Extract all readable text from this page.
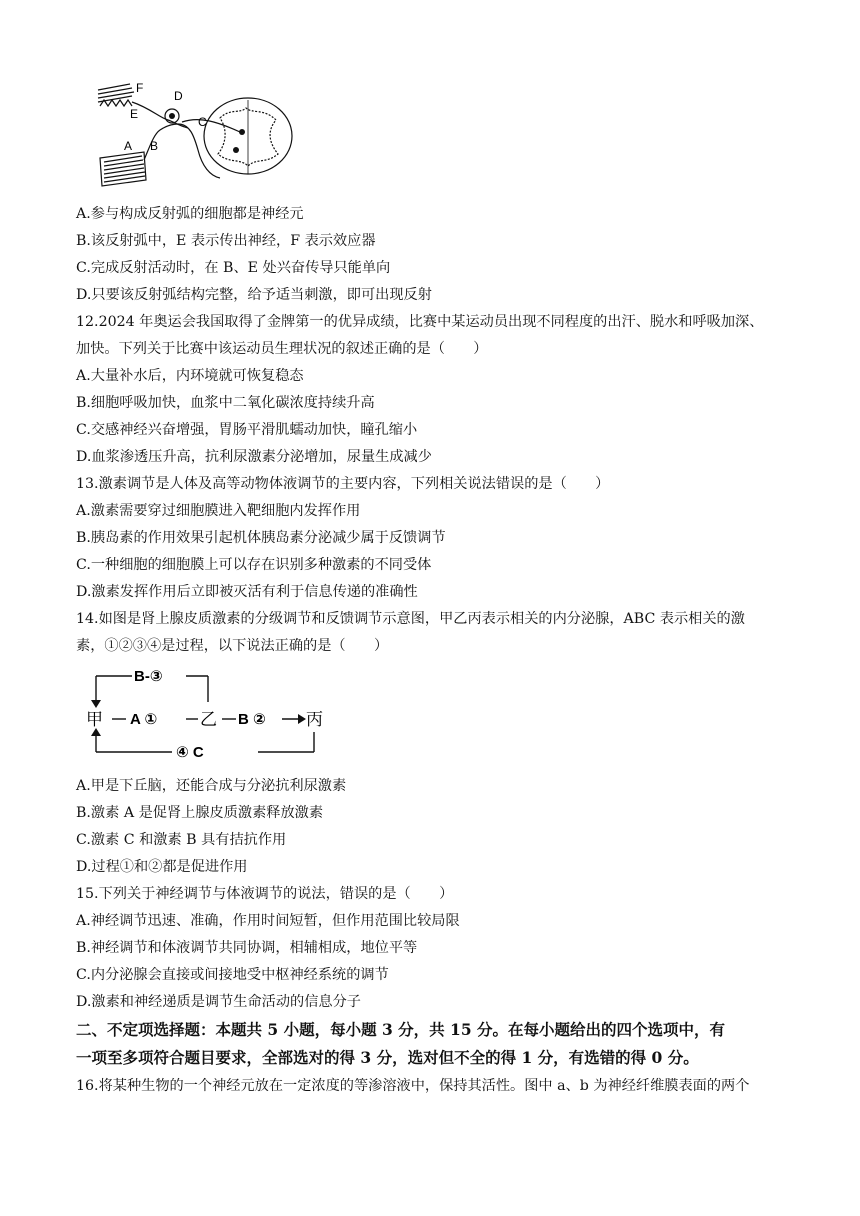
F
D
E
C
A B
A.参与构成反射弧的细胞都是神经元
B.该反射弧中，E 表示传出神经，F 表示效应器
C.完成反射活动时，在 B、E 处兴奋传导只能单向
D.只要该反射弧结构完整，给予适当刺激，即可出现反射
12.2024 年奥运会我国取得了金牌第一的优异成绩，比赛中某运动员出现不同程度的出汗、脱水和呼吸加深、
加快。下列关于比赛中该运动员生理状况的叙述正确的是（　　）
A.大量补水后，内环境就可恢复稳态
B.细胞呼吸加快，血浆中二氧化碳浓度持续升高
C.交感神经兴奋增强，胃肠平滑肌蠕动加快，瞳孔缩小
D.血浆渗透压升高，抗利尿激素分泌增加，尿量生成减少
13.激素调节是人体及高等动物体液调节的主要内容，下列相关说法错误的是（　　）
A.激素需要穿过细胞膜进入靶细胞内发挥作用
B.胰岛素的作用效果引起机体胰岛素分泌减少属于反馈调节
C.一种细胞的细胞膜上可以存在识别多种激素的不同受体
D.激素发挥作用后立即被灭活有利于信息传递的准确性
14.如图是肾上腺皮质激素的分级调节和反馈调节示意图，甲乙丙表示相关的内分泌腺，ABC 表示相关的激
素，①②③④是过程，以下说法正确的是（　　）
甲	乙	丙
B-③
A ①	B ②
④ C
A.甲是下丘脑，还能合成与分泌抗利尿激素
B.激素 A 是促肾上腺皮质激素释放激素
C.激素 C 和激素 B 具有拮抗作用
D.过程①和②都是促进作用
15.下列关于神经调节与体液调节的说法，错误的是（　　）
A.神经调节迅速、准确，作用时间短暂，但作用范围比较局限
B.神经调节和体液调节共同协调，相辅相成，地位平等
C.内分泌腺会直接或间接地受中枢神经系统的调节
D.激素和神经递质是调节生命活动的信息分子
二、不定项选择题：本题共 5 小题，每小题 3 分，共 15 分。在每小题给出的四个选项中，有
一项至多项符合题目要求，全部选对的得 3 分，选对但不全的得 1 分，有选错的得 0 分。
16.将某种生物的一个神经元放在一定浓度的等渗溶液中，保持其活性。图中 a、b 为神经纤维膜表面的两个
